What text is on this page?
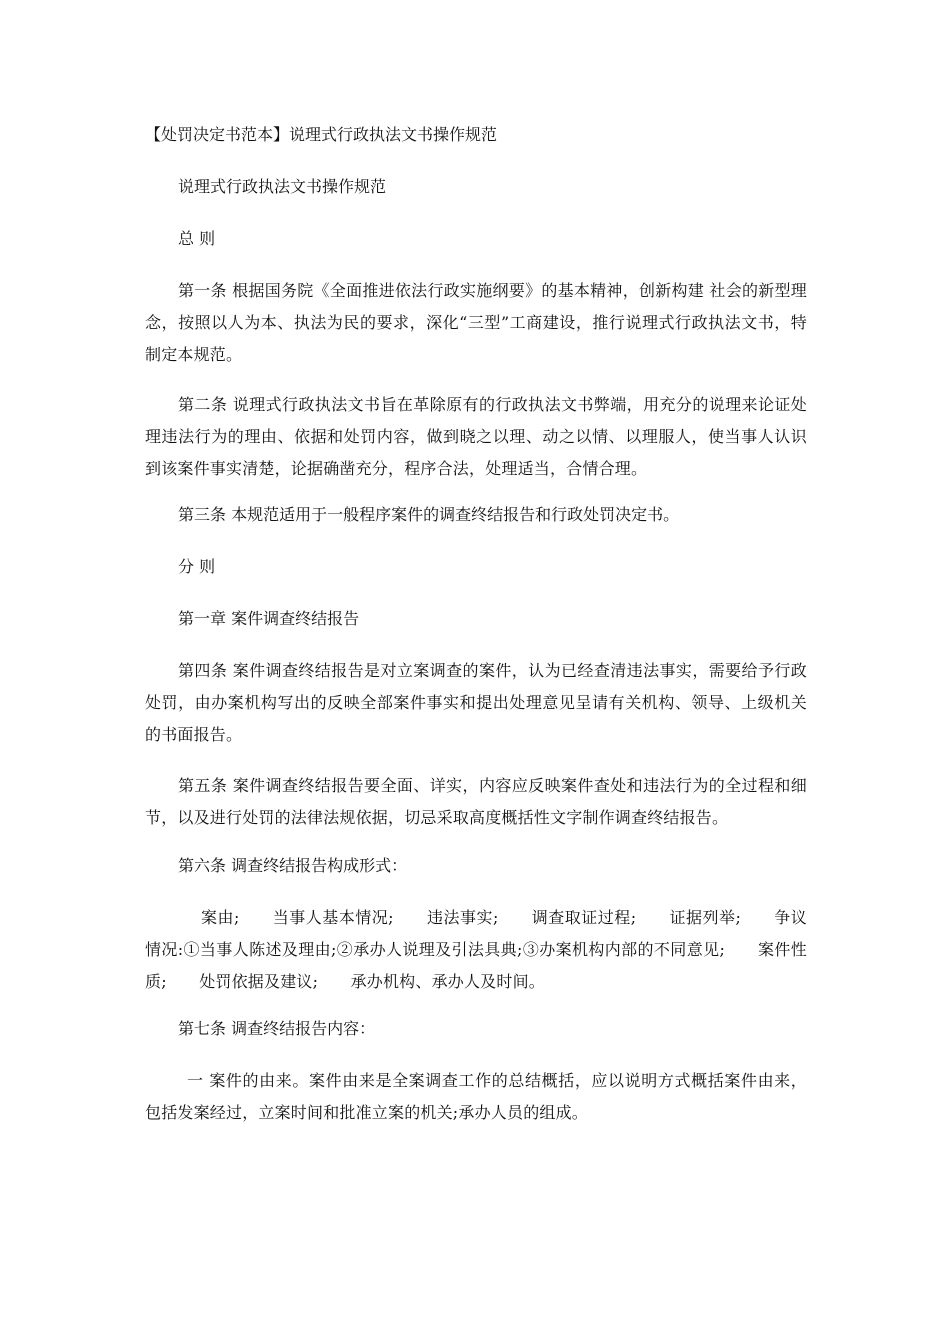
【处罚决定书范本】说理式行政执法文书操作规范
说理式行政执法文书操作规范
总 则
第一条 根据国务院《全面推进依法行政实施纲要》的基本精神，创新构建 社会的新型理念，按照以人为本、执法为民的要求，深化“三型”工商建设，推行说理式行政执法文书，特制定本规范。
第二条 说理式行政执法文书旨在革除原有的行政执法文书弊端，用充分的说理来论证处理违法行为的理由、依据和处罚内容，做到晓之以理、动之以情、以理服人，使当事人认识到该案件事实清楚，论据确凿充分，程序合法，处理适当，合情合理。
第三条 本规范适用于一般程序案件的调查终结报告和行政处罚决定书。
分 则
第一章 案件调查终结报告
第四条 案件调查终结报告是对立案调查的案件，认为已经查清违法事实，需要给予行政处罚，由办案机构写出的反映全部案件事实和提出处理意见呈请有关机构、领导、上级机关的书面报告。
第五条 案件调查终结报告要全面、详实，内容应反映案件查处和违法行为的全过程和细节，以及进行处罚的法律法规依据，切忌采取高度概括性文字制作调查终结报告。
第六条 调查终结报告构成形式：
案由;　　当事人基本情况;　　违法事实;　　调查取证过程;　　证据列举;　　争议情况:①当事人陈述及理由;②承办人说理及引法具典;③办案机构内部的不同意见;　　案件性质;　　处罚依据及建议;　　承办机构、承办人及时间。
第七条 调查终结报告内容：
一 案件的由来。案件由来是全案调查工作的总结概括，应以说明方式概括案件由来，包括发案经过，立案时间和批准立案的机关;承办人员的组成。
